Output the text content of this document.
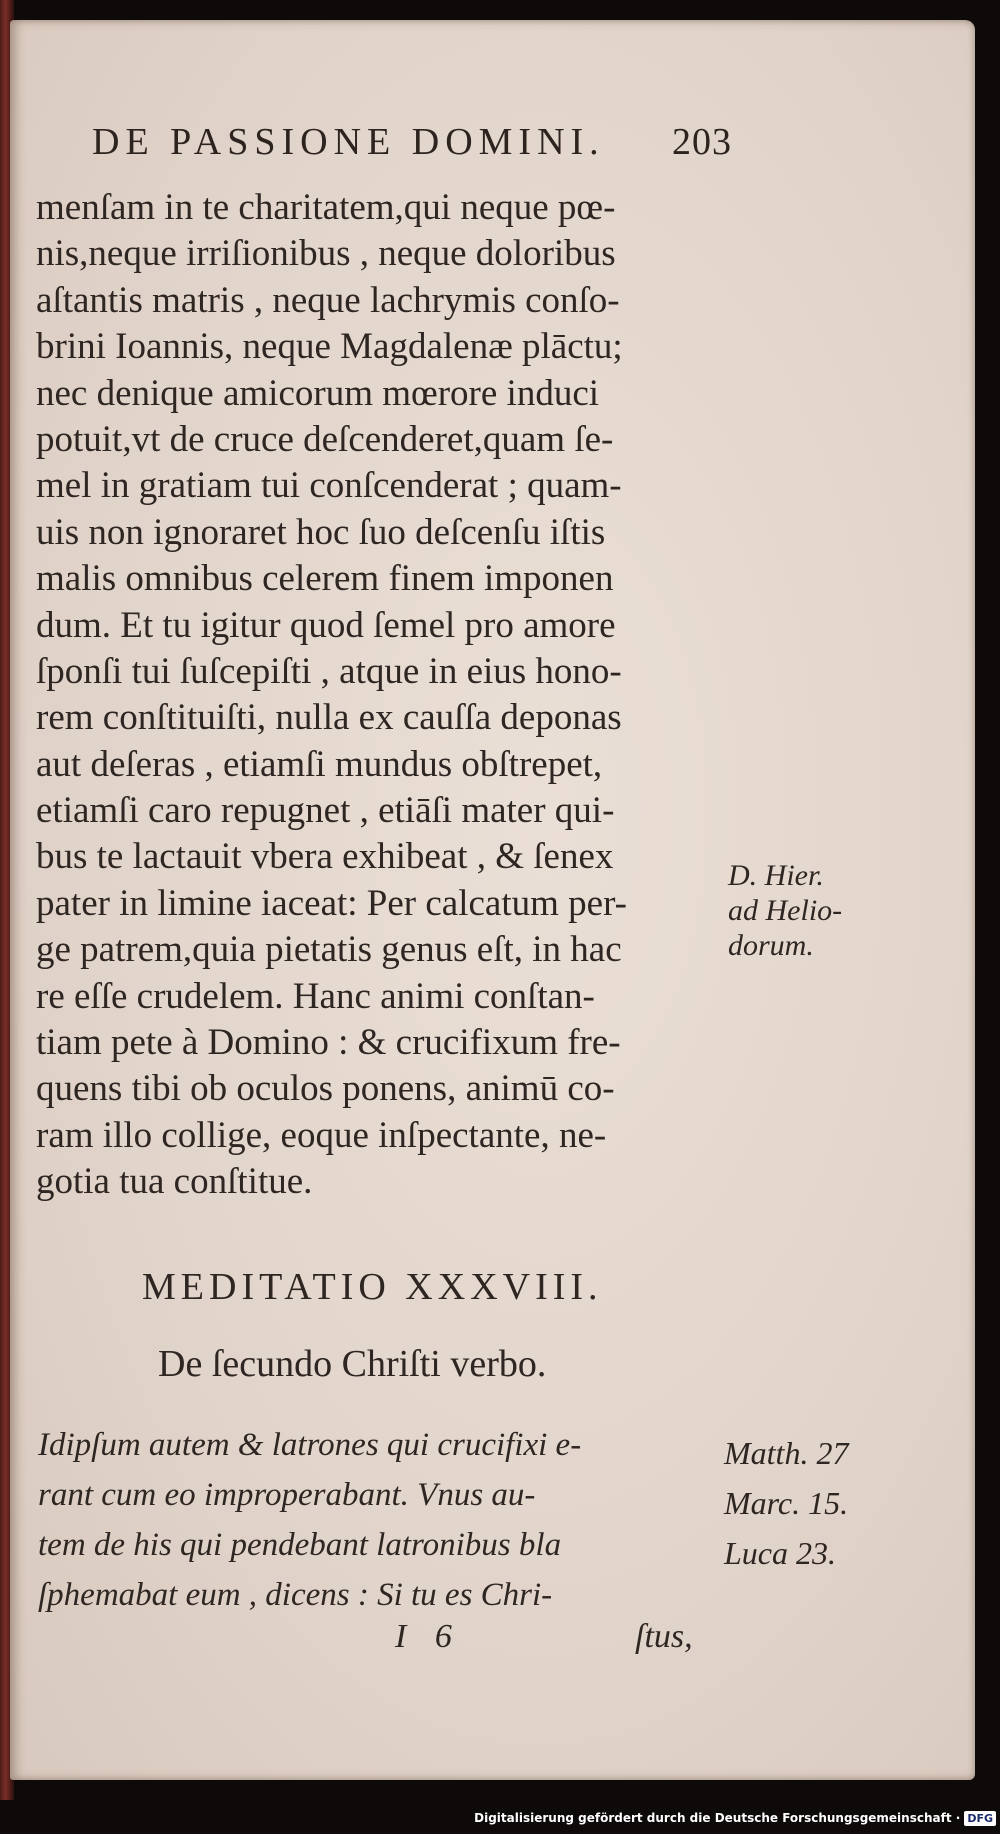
DE PASSIONE DOMINI. 203
menſam in te charitatem,qui neque pœ-
nis,neque irriſionibus , neque doloribus
aſtantis matris , neque lachrymis conſo-
brini Ioannis, neque Magdalenæ plāctu;
nec denique amicorum mœrore induci
potuit,vt de cruce deſcenderet,quam ſe-
mel in gratiam tui conſcenderat ; quam-
uis non ignoraret hoc ſuo deſcenſu iſtis
malis omnibus celerem finem imponen
dum. Et tu igitur quod ſemel pro amore
ſponſi tui ſuſcepiſti , atque in eius hono-
rem conſtituiſti, nulla ex cauſſa deponas
aut deſeras , etiamſi mundus obſtrepet,
etiamſi caro repugnet , etiāſi mater qui-
bus te lactauit vbera exhibeat , & ſenex
pater in limine iaceat: Per calcatum per-
ge patrem,quia pietatis genus eſt, in hac
re eſſe crudelem. Hanc animi conſtan-
tiam pete à Domino : & crucifixum fre-
quens tibi ob oculos ponens, animū co-
ram illo collige, eoque inſpectante, ne-
gotia tua conſtitue.
D. Hier.
ad Helio-
dorum.
MEDITATIO XXXVIII.
De ſecundo Chriſti verbo.
Idipſum autem & latrones qui crucifixi e-
rant cum eo improperabant. Vnus au-
tem de his qui pendebant latronibus bla
ſphemabat eum , dicens : Si tu es Chri-
Matth. 27
Marc. 15.
Luca 23.
I 6	ſtus,
Digitalisierung gefördert durch die Deutsche Forschungsgemeinschaft · DFG
